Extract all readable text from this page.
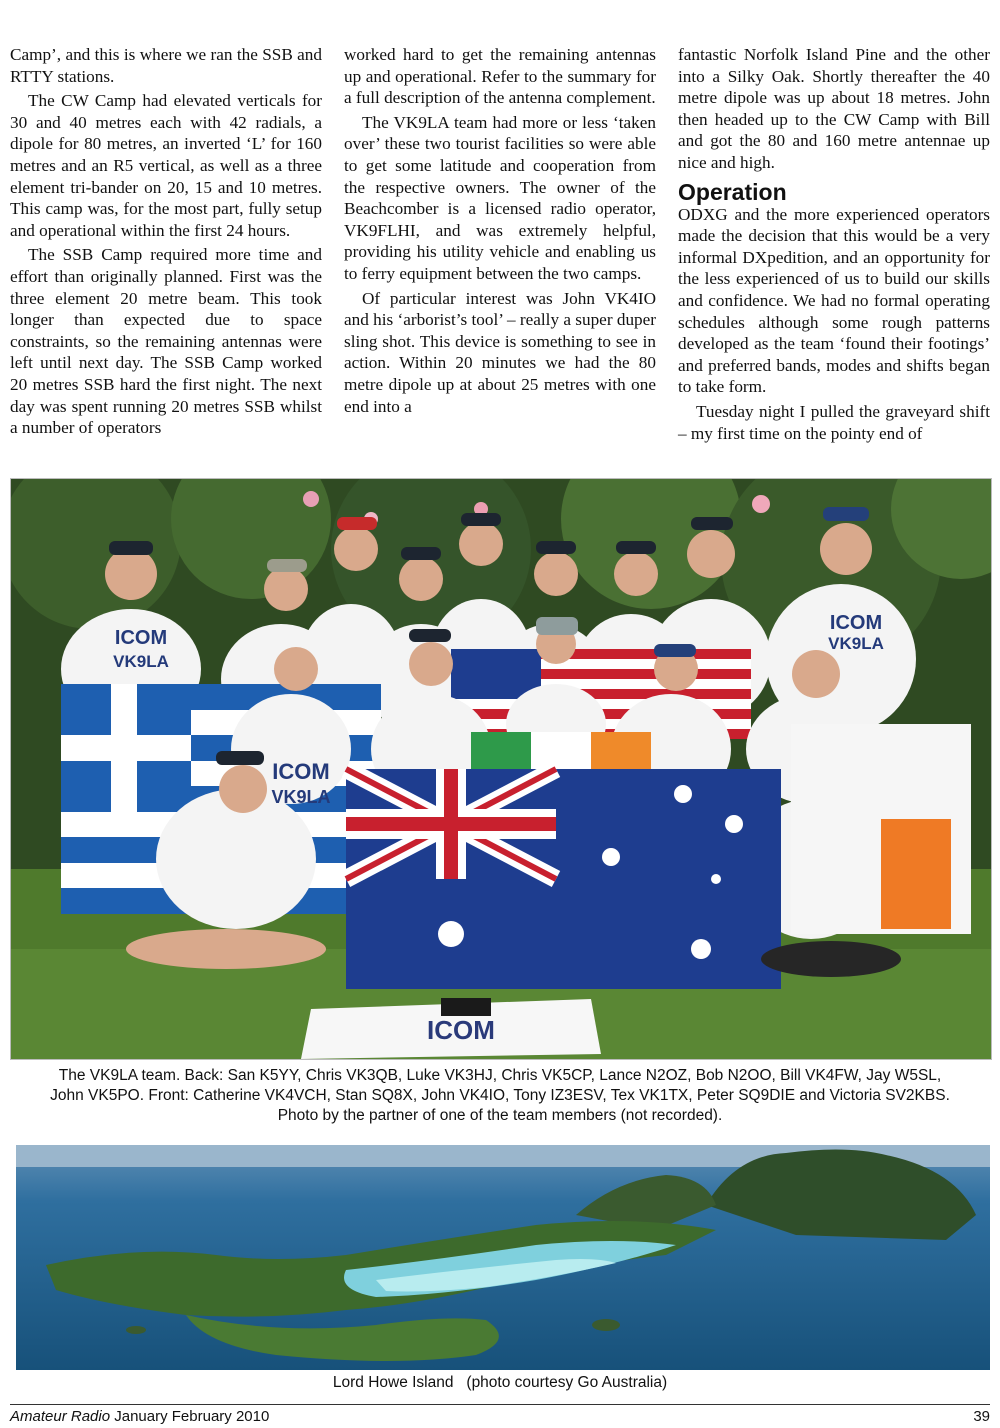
Camp’, and this is where we ran the SSB and RTTY stations.

The CW Camp had elevated verticals for 30 and 40 metres each with 42 radials, a dipole for 80 metres, an inverted ‘L’ for 160 metres and an R5 vertical, as well as a three element tri-bander on 20, 15 and 10 metres. This camp was, for the most part, fully setup and operational within the first 24 hours.

The SSB Camp required more time and effort than originally planned. First was the three element 20 metre beam. This took longer than expected due to space constraints, so the remaining antennas were left until next day. The SSB Camp worked 20 metres SSB hard the first night. The next day was spent running 20 metres SSB whilst a number of operators

worked hard to get the remaining antennas up and operational. Refer to the summary for a full description of the antenna complement.

The VK9LA team had more or less ‘taken over’ these two tourist facilities so were able to get some latitude and cooperation from the respective owners. The owner of the Beachcomber is a licensed radio operator, VK9FLHI, and was extremely helpful, providing his utility vehicle and enabling us to ferry equipment between the two camps.

Of particular interest was John VK4IO and his ‘arborist’s tool’ – really a super duper sling shot. This device is something to see in action. Within 20 minutes we had the 80 metre dipole up at about 25 metres with one end into a

fantastic Norfolk Island Pine and the other into a Silky Oak. Shortly thereafter the 40 metre dipole was up about 18 metres. John then headed up to the CW Camp with Bill and got the 80 and 160 metre antennae up nice and high.

Operation

ODXG and the more experienced operators made the decision that this would be a very informal DXpedition, and an opportunity for the less experienced of us to build our skills and confidence. We had no formal operating schedules although some rough patterns developed as the team ‘found their footings’ and preferred bands, modes and shifts began to take form.

Tuesday night I pulled the graveyard shift – my first time on the pointy end of

ICOM
VK9LA
ICOM
VK9LA
ICOM
VK9LA
ICOM
The VK9LA team. Back: San K5YY, Chris VK3QB, Luke VK3HJ, Chris VK5CP, Lance N2OZ, Bob N2OO, Bill VK4FW, Jay W5SL,
John VK5PO. Front: Catherine VK4VCH, Stan SQ8X, John VK4IO, Tony IZ3ESV, Tex VK1TX, Peter SQ9DIE and Victoria SV2KBS.
Photo by the partner of one of the team members (not recorded).
Lord Howe Island   (photo courtesy Go Australia)
Amateur Radio January February 2010	39
